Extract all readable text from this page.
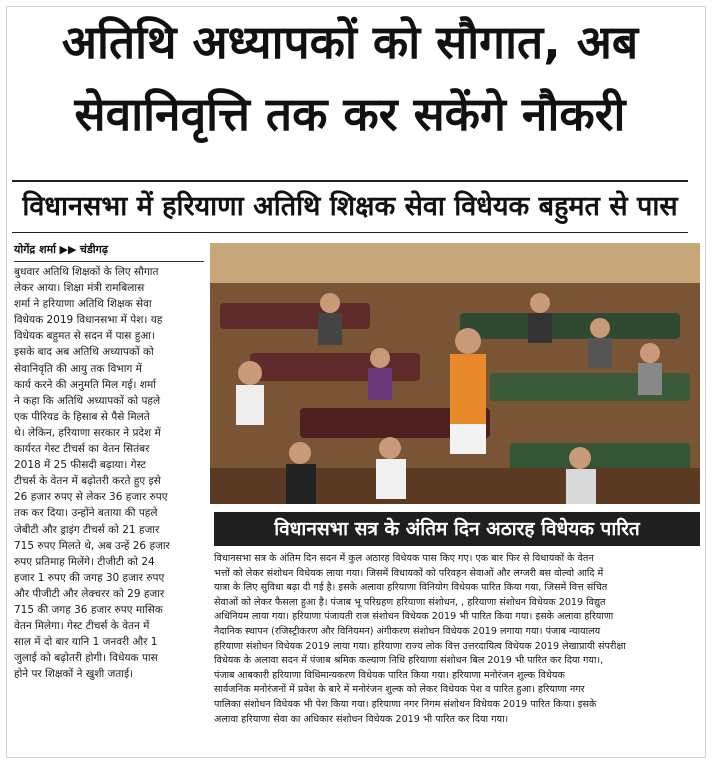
अतिथि अध्यापकों को सौगात, अब
सेवानिवृत्ति तक कर सकेंगे नौकरी
विधानसभा में हरियाणा अतिथि शिक्षक सेवा विधेयक बहुमत से पास
योगेंद्र शर्मा ▶▶ चंडीगढ़
बुधवार अतिथि शिक्षकों के लिए सौगात
लेकर आया। शिक्षा मंत्री रामबिलास
शर्मा ने हरियाणा अतिथि शिक्षक सेवा
विधेयक 2019 विधानसभा में पेश। यह
विधेयक बहुमत से सदन में पास हुआ।
इसके बाद अब अतिथि अध्यापकों को
सेवानिवृति की आयु तक विभाग में
कार्य करने की अनुमति मिल गई। शर्मा
ने कहा कि अतिथि अध्यापकों को पहले
एक पीरियड के हिसाब से पैसे मिलते
थे। लेकिन, हरियाणा सरकार ने प्रदेश में
कार्यरत गेस्ट टीचर्स का वेतन सितंबर
2018 में 25 फीसदी बढ़ाया। गेस्ट
टीचर्स के वेतन में बढ़ोतरी करते हुए इसे
26 हजार रुपए से लेकर 36 हजार रुपए
तक कर दिया। उन्होंने बताया की पहले
जेबीटी और ड्राइंग टीचर्स को 21 हजार
715 रुपए मिलते थे, अब उन्हें 26 हजार
रुपए प्रतिमाह मिलेंगे। टीजीटी को 24
हजार 1 रुपए की जगह 30 हजार रुपए
और पीजीटी और लेक्चरर को 29 हजार
715 की जगह 36 हजार रुपए मासिक
वेतन मिलेगा। गेस्ट टीचर्स के वेतन में
साल में दो बार यानि 1 जनवरी और 1
जुलाई को बढ़ोतरी होगी। विधेयक पास
होने पर शिक्षकों ने खुशी जताई।
विधानसभा सत्र के अंतिम दिन अठारह विधेयक पारित
विधानसभा सत्र के अंतिम दिन सदन में कुल अठारह विधेयक पास किए गए। एक बार फिर से विधायकों के वेतन
भत्तों को लेकर संशोधन विधेयक लाया गया। जिसमें विधायकों को परिवहन सेवाओं और लग्जरी बस वोल्वो आदि में
यात्रा के लिए सुविधा बढ़ा दी गई है। इसके अलावा हरियाणा विनियोग विधेयक पारित किया गया, जिसमें वित्त संचित
सेवाओं को लेकर फैसला हुआ है। पंजाब भू परिग्रहण हरियाणा संशोधन, , हरियाणा संशोधन विधेयक 2019 विद्युत
अधिनियम लाया गया। हरियाणा पंजायती राज संशोधन विधेयक 2019 भी पारित किया गया। इसके अलावा हरियाणा
नैदानिक स्थापन (रजिस्ट्रीकरण और विनियमन) अंगीकरण संशोधन विधेयक 2019 लगाया गया। पंजाब न्यायालय
हरियाणा संशोधन विधेयक 2019 लाया गया। हरियाणा राज्य लोक वित्त उत्तरदायित्व विधेयक 2019 लेखाप्रायी संपरीक्षा
विधेयक के अलावा सदन में पंजाब श्रमिक कल्याण निधि हरियाणा संशोधन बिल 2019 भी पारित कर दिया गया।,
पंजाब आबकारी हरियाणा विधिमान्यकरण विधेयक पारित किया गया। हरियाणा मनोरंजन शुल्क विधेयक
सार्वजनिक मनोरंजनों में प्रवेश के बारे में मनोरंजन शुल्क को लेकर विधेयक पेश व पारित हुआ। हरियाणा नगर
पालिका संशोधन विधेयक भी पेश किया गया। हरियाणा नगर निगम संशोधन विधेयक 2019 पारित किया। इसके
अलावा हरियाणा सेवा का अधिकार संशोधन विधेयक 2019 भी पारित कर दिया गया।
